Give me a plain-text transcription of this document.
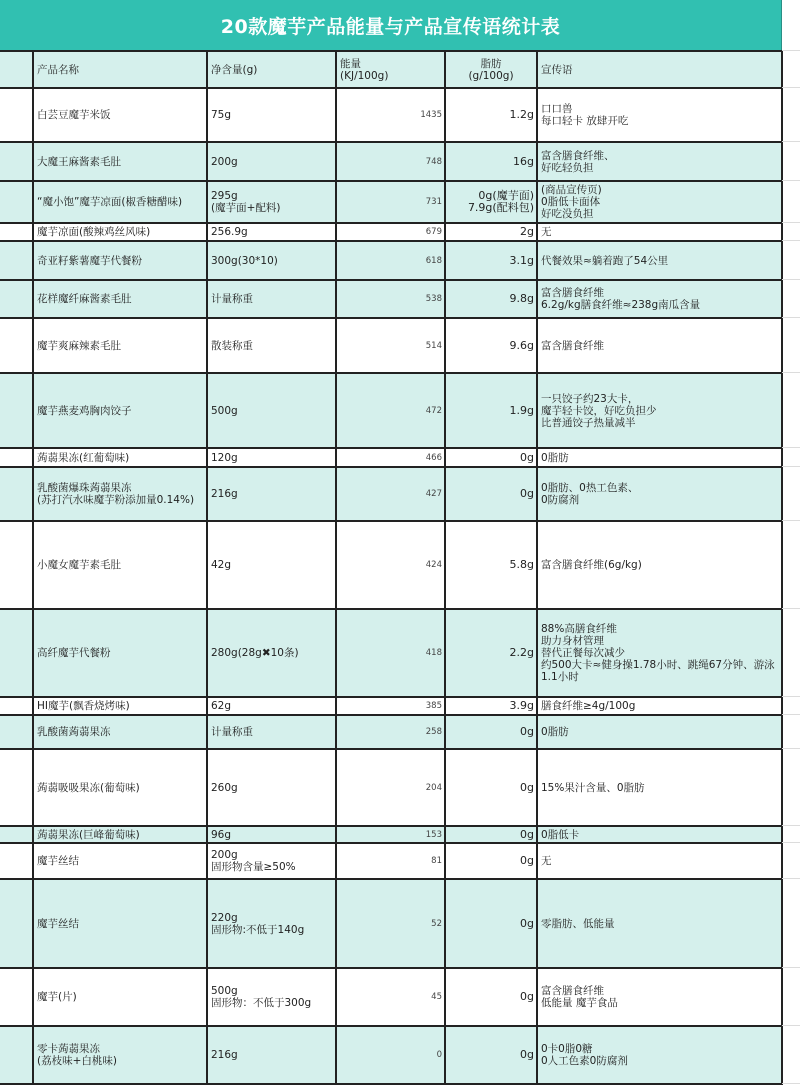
20款魔芋产品能量与产品宣传语统计表
	产品名称	净含量(g)	能量
(KJ/100g)	脂肪
(g/100g)	宣传语
	白芸豆魔芋米饭	75g	1435	1.2g	口口兽
每口轻卡 放肆开吃
	大魔王麻酱素毛肚	200g	748	16g	富含膳食纤维、
好吃轻负担
	“魔小饱”魔芋凉面(椒香糖醋味)	295g
(魔芋面+配料)	731	0g(魔芋面)
7.9g(配料包)	(商品宣传页)
0脂低卡面体
好吃没负担
	魔芋凉面(酸辣鸡丝风味)	256.9g	679	2g	无
	奇亚籽紫薯魔芋代餐粉	300g(30*10)	618	3.1g	代餐效果≈躺着跑了54公里
	花样魔纤麻酱素毛肚	计量称重	538	9.8g	富含膳食纤维
6.2g/kg膳食纤维≈238g南瓜含量
	魔芋爽麻辣素毛肚	散装称重	514	9.6g	富含膳食纤维
	魔芋燕麦鸡胸肉饺子	500g	472	1.9g	一只饺子约23大卡，
魔芋轻卡饺，好吃负担少
比普通饺子热量减半
	蒟蒻果冻(红葡萄味)	120g	466	0g	0脂肪
	乳酸菌爆珠蒟蒻果冻
(苏打汽水味魔芋粉添加量0.14%)	216g	427	0g	0脂肪、0热工色素、
0防腐剂
	小魔女魔芋素毛肚	42g	424	5.8g	富含膳食纤维(6g/kg)
	高纤魔芋代餐粉	280g(28g✖10条)	418	2.2g	88%高膳食纤维
助力身材管理
替代正餐每次减少
约500大卡≈健身操1.78小时、跳绳67分钟、游泳1.1小时
	HI魔芋(飘香烧烤味)	62g	385	3.9g	膳食纤维≥4g/100g
	乳酸菌蒟蒻果冻	计量称重	258	0g	0脂肪
	蒟蒻吸吸果冻(葡萄味)	260g	204	0g	15%果汁含量、0脂肪
	蒟蒻果冻(巨峰葡萄味)	96g	153	0g	0脂低卡
	魔芋丝结	200g
固形物含量≥50%	81	0g	无
	魔芋丝结	220g
固形物:不低于140g	52	0g	零脂肪、低能量
	魔芋(片)	500g
固形物：不低于300g	45	0g	富含膳食纤维
低能量 魔芋食品
	零卡蒟蒻果冻
(荔枝味+白桃味)	216g	0	0g	0卡0脂0糖
0人工色素0防腐剂
